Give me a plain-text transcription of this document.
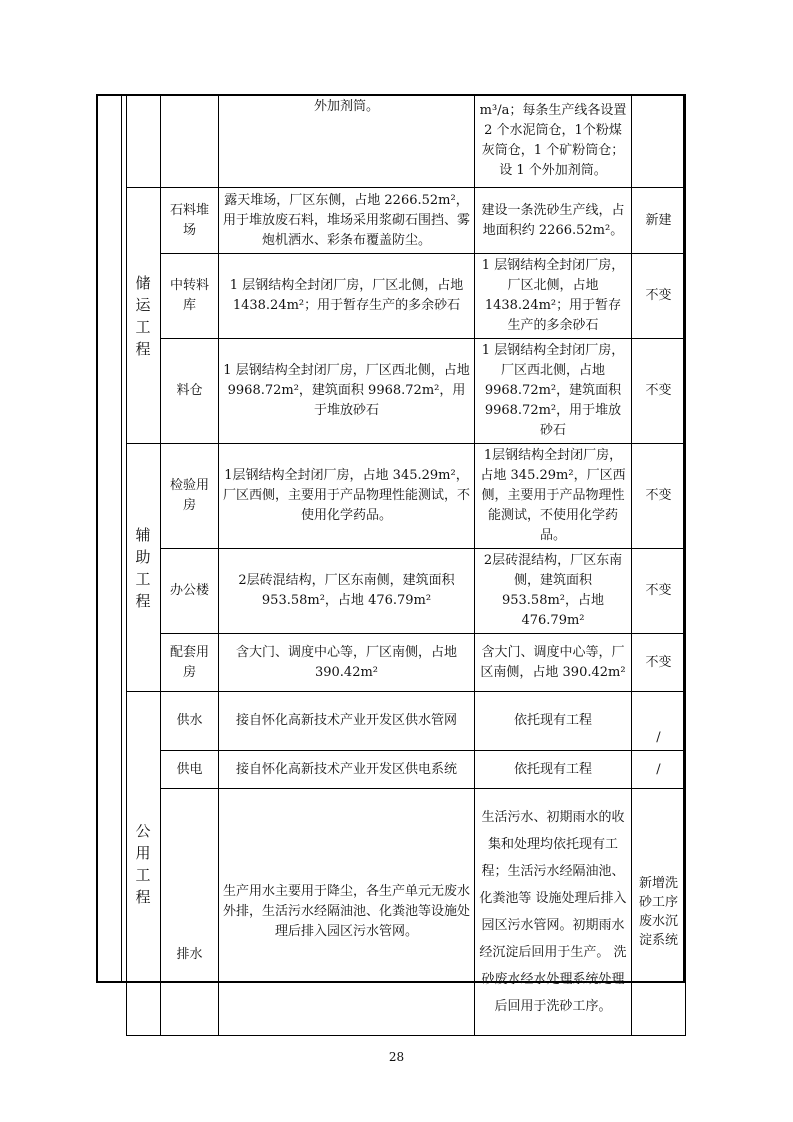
		外加剂筒。	m³/a；每条生产线各设置 2 个水泥筒仓，1个粉煤灰筒仓，1 个矿粉筒仓；设 1 个外加剂筒。	

储运工程	石料堆场	露天堆场，厂区东侧，占地 2266.52m²，用于堆放废石料，堆场采用浆砌石围挡、雾炮机洒水、彩条布覆盖防尘。	建设一条洗砂生产线，占地面积约 2266.52m²。	新建
	中转料库	1 层钢结构全封闭厂房，厂区北侧，占地 1438.24m²；用于暂存生产的多余砂石	1 层钢结构全封闭厂房，厂区北侧，占地 1438.24m²；用于暂存生产的多余砂石	不变
	料仓	1 层钢结构全封闭厂房，厂区西北侧，占地 9968.72m²，建筑面积 9968.72m²，用于堆放砂石	1 层钢结构全封闭厂房，厂区西北侧，占地 9968.72m²，建筑面积 9968.72m²，用于堆放砂石	不变

辅助工程	检验用房	1层钢结构全封闭厂房，占地 345.29m²，厂区西侧，主要用于产品物理性能测试，不使用化学药品。	1层钢结构全封闭厂房，占地 345.29m²，厂区西侧，主要用于产品物理性能测试，不使用化学药品。	不变
	办公楼	2层砖混结构，厂区东南侧，建筑面积 953.58m²，占地 476.79m²	2层砖混结构，厂区东南侧，建筑面积 953.58m²，占地 476.79m²	不变
	配套用房	含大门、调度中心等，厂区南侧，占地 390.42m²	含大门、调度中心等，厂区南侧，占地 390.42m²	不变

公用工程	供水	接自怀化高新技术产业开发区供水管网	依托现有工程	/
	供电	接自怀化高新技术产业开发区供电系统	依托现有工程	/
	排水	生产用水主要用于降尘，各生产单元无废水外排，生活污水经隔油池、化粪池等设施处理后排入园区污水管网。	生活污水、初期雨水的收集和处理均依托现有工程；生活污水经隔油池、化粪池等 设施处理后排入园区污水管网。初期雨水经沉淀后回用于生产。 洗砂废水经水处理系统处理后回用于洗砂工序。	新增洗砂工序废水沉淀系统
28
